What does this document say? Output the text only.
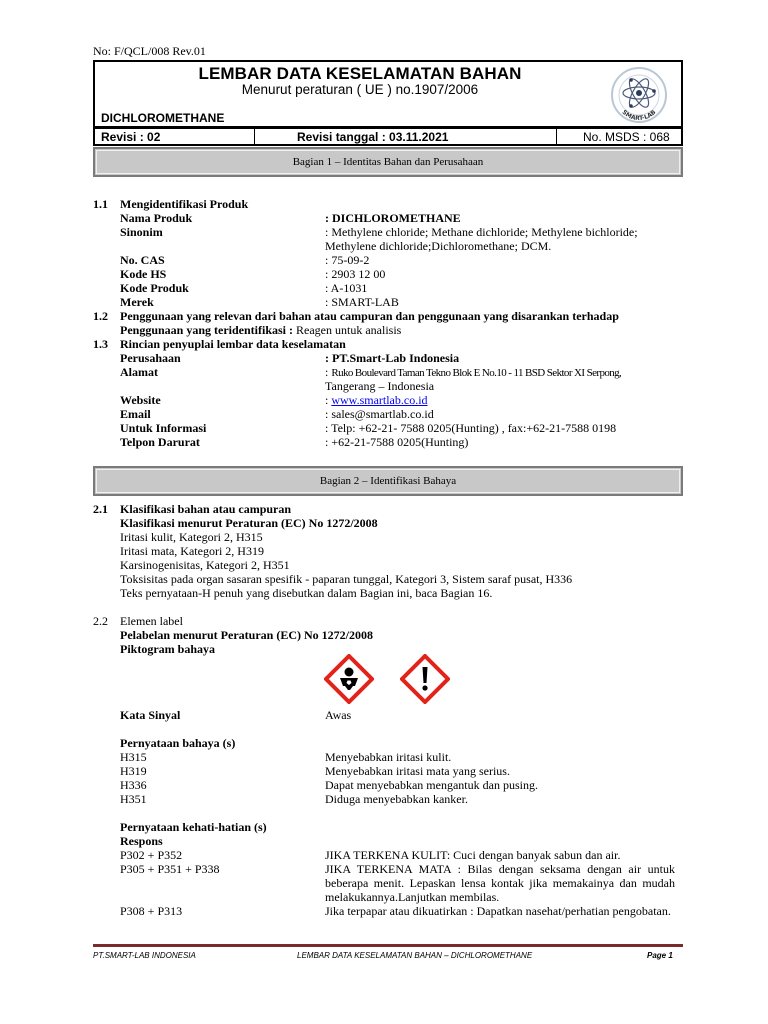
No: F/QCL/008 Rev.01
LEMBAR DATA KESELAMATAN BAHAN
Menurut peraturan ( UE ) no.1907/2006
DICHLOROMETHANE	SMART-LAB
Revisi : 02	Revisi tanggal : 03.11.2021	No. MSDS : 068
Bagian 1 – Identitas Bahan dan Perusahaan
1.1 Mengidentifikasi Produk
Nama Produk	: DICHLOROMETHANE
Sinonim	: Methylene chloride; Methane dichloride; Methylene bichloride;
Methylene dichloride;Dichloromethane; DCM.
No. CAS	: 75-09-2
Kode HS	: 2903 12 00
Kode Produk	: A-1031
Merek	: SMART-LAB
1.2 Penggunaan yang relevan dari bahan atau campuran dan penggunaan yang disarankan terhadap
Penggunaan yang teridentifikasi : Reagen untuk analisis
1.3 Rincian penyuplai lembar data keselamatan
Perusahaan	: PT.Smart-Lab Indonesia
Alamat	: Ruko Boulevard Taman Tekno Blok E No.10 - 11 BSD Sektor XI Serpong,
Tangerang – Indonesia
Website	: www.smartlab.co.id
Email	: sales@smartlab.co.id
Untuk Informasi	: Telp: +62-21- 7588 0205(Hunting) , fax:+62-21-7588 0198
Telpon Darurat	: +62-21-7588 0205(Hunting)
Bagian 2 – Identifikasi Bahaya
2.1 Klasifikasi bahan atau campuran
Klasifikasi menurut Peraturan (EC) No 1272/2008
Iritasi kulit, Kategori 2, H315
Iritasi mata, Kategori 2, H319
Karsinogenisitas, Kategori 2, H351
Toksisitas pada organ sasaran spesifik - paparan tunggal, Kategori 3, Sistem saraf pusat, H336
Teks pernyataan-H penuh yang disebutkan dalam Bagian ini, baca Bagian 16.
2.2 Elemen label
Pelabelan menurut Peraturan (EC) No 1272/2008
Piktogram bahaya
Kata Sinyal	Awas
Pernyataan bahaya (s)
H315	Menyebabkan iritasi kulit.
H319	Menyebabkan iritasi mata yang serius.
H336	Dapat menyebabkan mengantuk dan pusing.
H351	Diduga menyebabkan kanker.
Pernyataan kehati-hatian (s)
Respons
P302 + P352	JIKA TERKENA KULIT: Cuci dengan banyak sabun dan air.
P305 + P351 + P338	JIKA TERKENA MATA : Bilas dengan seksama dengan air untuk beberapa menit. Lepaskan lensa kontak jika memakainya dan mudah melakukannya.Lanjutkan membilas.
P308 + P313	Jika terpapar atau dikuatirkan : Dapatkan nasehat/perhatian pengobatan.
PT.SMART-LAB INDONESIA	LEMBAR DATA KESELAMATAN BAHAN – DICHLOROMETHANE	Page 1
